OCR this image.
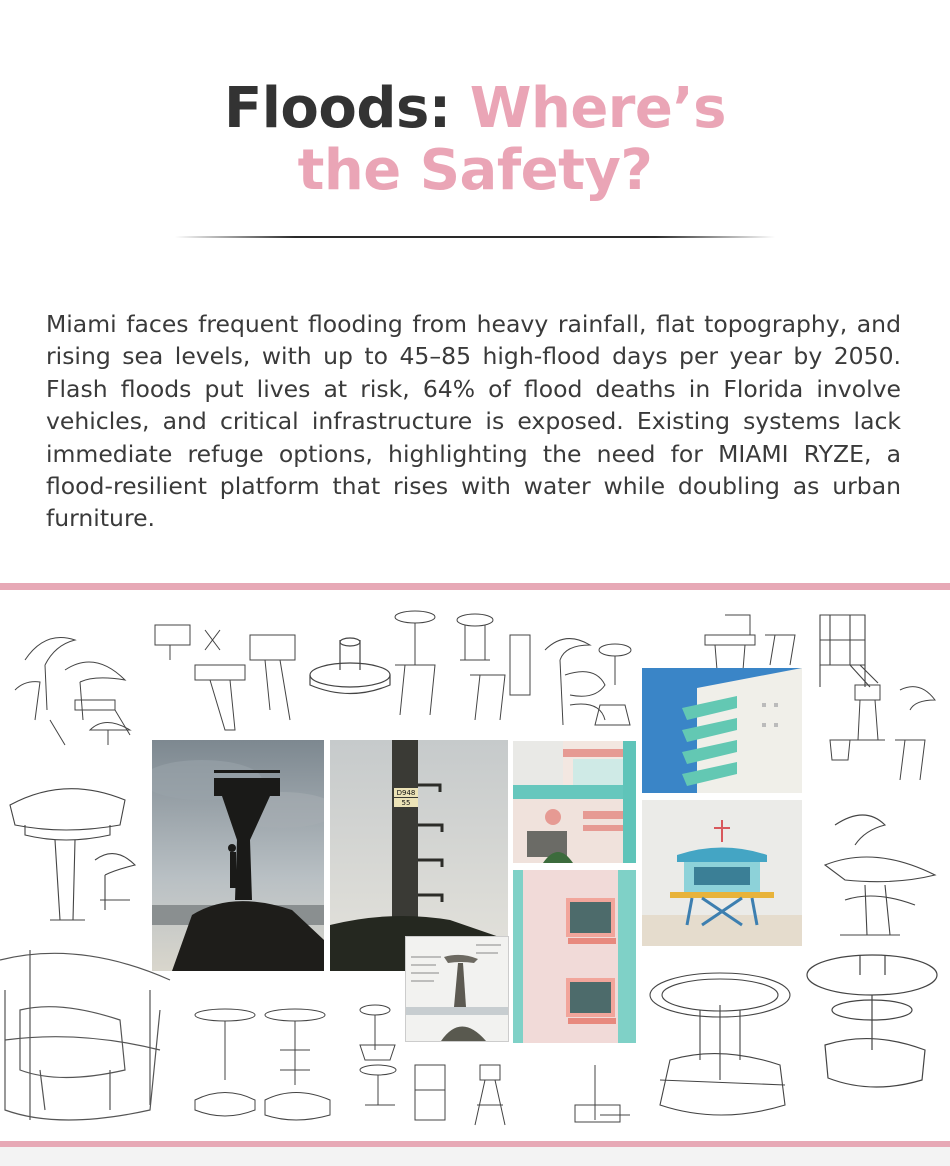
Floods: Where’s
the Safety?

Miami faces frequent flooding from heavy rainfall, flat topography, and rising sea levels, with up to 45–85 high-flood days per year by 2050. Flash floods put lives at risk, 64% of flood deaths in Florida involve vehicles, and critical infrastructure is exposed. Existing systems lack immediate refuge options, highlighting the need for MIAMI RYZE, a flood-resilient platform that rises with water while doubling as urban furniture.

D948
55
